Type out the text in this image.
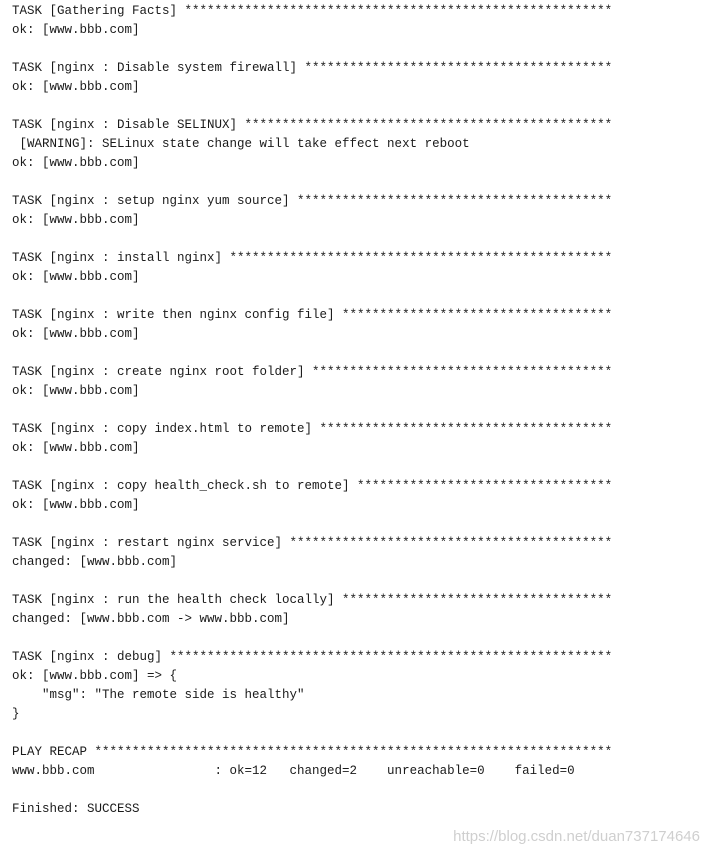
TASK [Gathering Facts] *********************************************************
ok: [www.bbb.com]
TASK [nginx : Disable system firewall] *****************************************
ok: [www.bbb.com]
TASK [nginx : Disable SELINUX] *************************************************
[WARNING]: SELinux state change will take effect next reboot
ok: [www.bbb.com]
TASK [nginx : setup nginx yum source] ******************************************
ok: [www.bbb.com]
TASK [nginx : install nginx] ***************************************************
ok: [www.bbb.com]
TASK [nginx : write then nginx config file] ************************************
ok: [www.bbb.com]
TASK [nginx : create nginx root folder] ****************************************
ok: [www.bbb.com]
TASK [nginx : copy index.html to remote] ***************************************
ok: [www.bbb.com]
TASK [nginx : copy health_check.sh to remote] **********************************
ok: [www.bbb.com]
TASK [nginx : restart nginx service] *******************************************
changed: [www.bbb.com]
TASK [nginx : run the health check locally] ************************************
changed: [www.bbb.com -> www.bbb.com]
TASK [nginx : debug] ***********************************************************
ok: [www.bbb.com] => {
"msg": "The remote side is healthy"
}
PLAY RECAP *********************************************************************
www.bbb.com                : ok=12   changed=2    unreachable=0    failed=0
Finished: SUCCESS
https://blog.csdn.net/duan737174646
